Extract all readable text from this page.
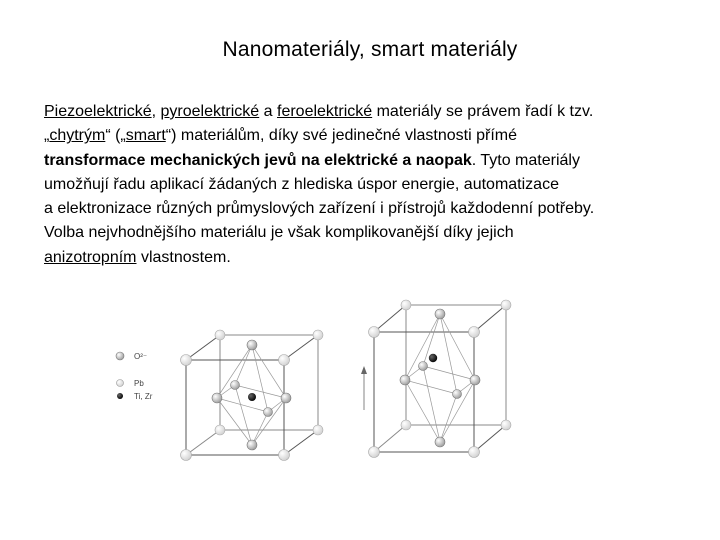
Nanomateriály, smart materiály
Piezoelektrické, pyroelektrické a feroelektrické materiály se právem řadí k tzv.
„chytrým“ („smart“) materiálům, díky své jedinečné vlastnosti přímé
transformace mechanických jevů na elektrické a naopak. Tyto materiály
umožňují řadu aplikací žádaných z hlediska úspor energie, automatizace
a elektronizace různých průmyslových zařízení i přístrojů každodenní potřeby.
Volba nejvhodnějšího materiálu je však komplikovanější díky jejich
anizotropním vlastnostem.
O²⁻
Pb
Ti, Zr
